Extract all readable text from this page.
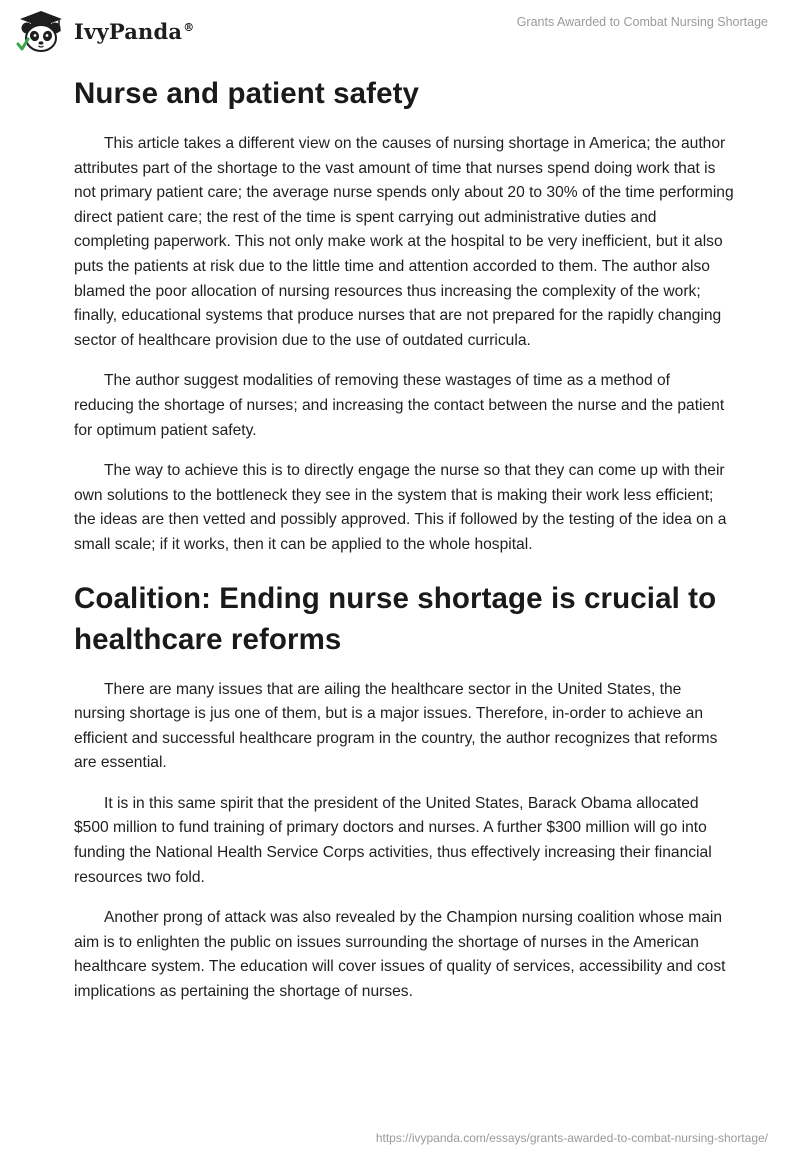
IvyPanda®	Grants Awarded to Combat Nursing Shortage
Nurse and patient safety

This article takes a different view on the causes of nursing shortage in America; the author attributes part of the shortage to the vast amount of time that nurses spend doing work that is not primary patient care; the average nurse spends only about 20 to 30% of the time performing direct patient care; the rest of the time is spent carrying out administrative duties and completing paperwork. This not only make work at the hospital to be very inefficient, but it also puts the patients at risk due to the little time and attention accorded to them. The author also blamed the poor allocation of nursing resources thus increasing the complexity of the work; finally, educational systems that produce nurses that are not prepared for the rapidly changing sector of healthcare provision due to the use of outdated curricula.

The author suggest modalities of removing these wastages of time as a method of reducing the shortage of nurses; and increasing the contact between the nurse and the patient for optimum patient safety.

The way to achieve this is to directly engage the nurse so that they can come up with their own solutions to the bottleneck they see in the system that is making their work less efficient; the ideas are then vetted and possibly approved. This if followed by the testing of the idea on a small scale; if it works, then it can be applied to the whole hospital.

Coalition: Ending nurse shortage is crucial to healthcare reforms

There are many issues that are ailing the healthcare sector in the United States, the nursing shortage is jus one of them, but is a major issues. Therefore, in-order to achieve an efficient and successful healthcare program in the country, the author recognizes that reforms are essential.

It is in this same spirit that the president of the United States, Barack Obama allocated $500 million to fund training of primary doctors and nurses. A further $300 million will go into funding the National Health Service Corps activities, thus effectively increasing their financial resources two fold.

Another prong of attack was also revealed by the Champion nursing coalition whose main aim is to enlighten the public on issues surrounding the shortage of nurses in the American healthcare system. The education will cover issues of quality of services, accessibility and cost implications as pertaining the shortage of nurses.

https://ivypanda.com/essays/grants-awarded-to-combat-nursing-shortage/
